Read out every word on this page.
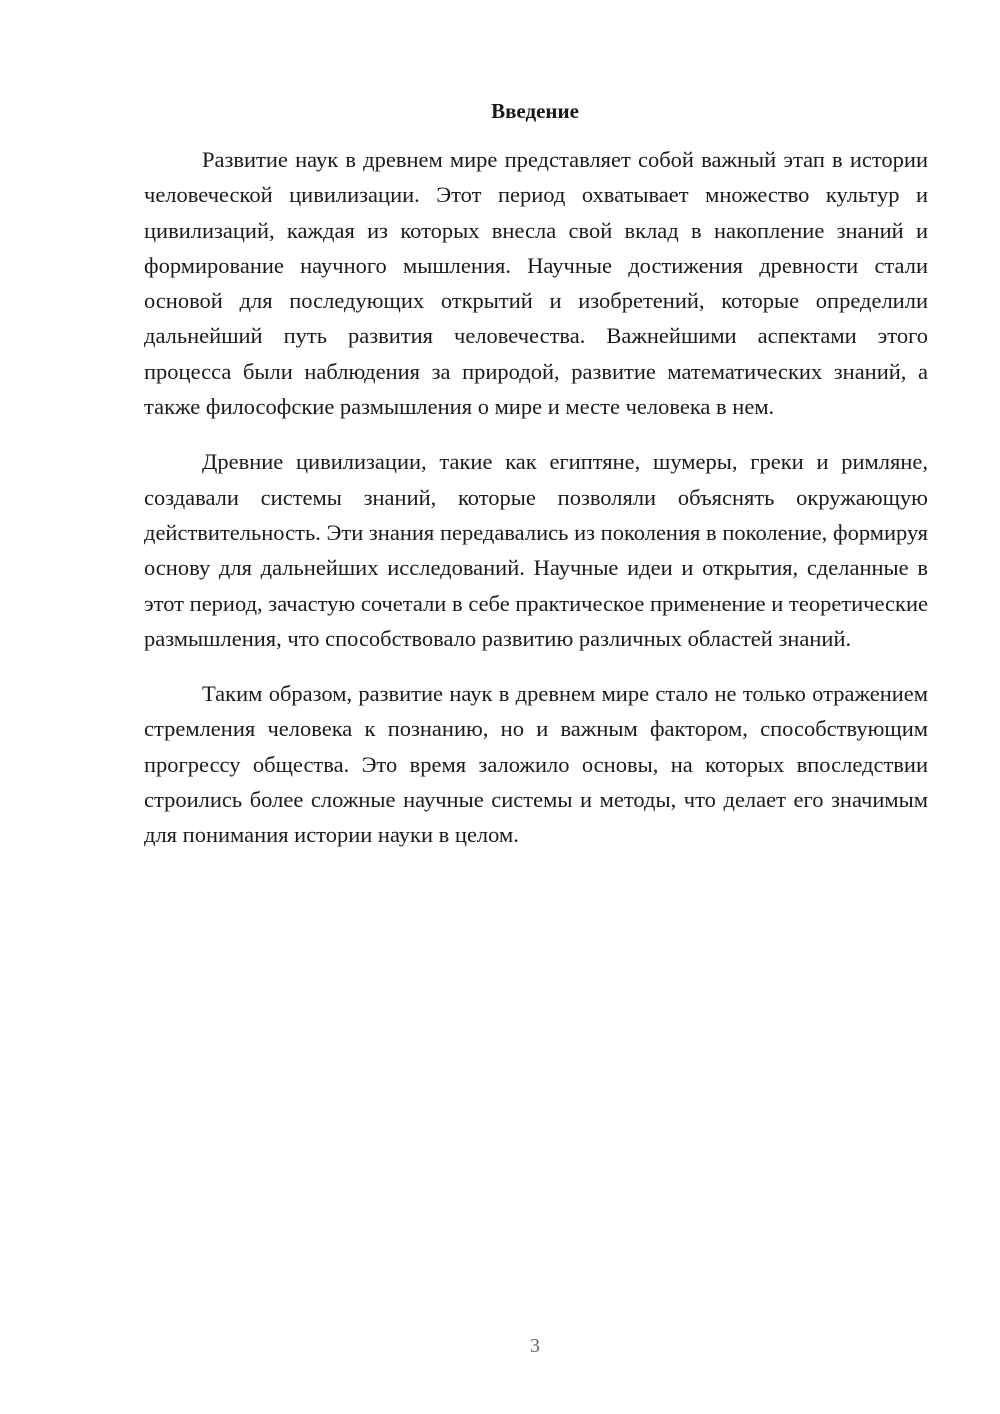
Введение

Развитие наук в древнем мире представляет собой важный этап в истории человеческой цивилизации. Этот период охватывает множество культур и цивилизаций, каждая из которых внесла свой вклад в накопление знаний и формирование научного мышления. Научные достижения древности стали основой для последующих открытий и изобретений, которые определили дальнейший путь развития человечества. Важнейшими аспектами этого процесса были наблюдения за природой, развитие математических знаний, а также философские размышления о мире и месте человека в нем.

Древние цивилизации, такие как египтяне, шумеры, греки и римляне, создавали системы знаний, которые позволяли объяснять окружающую действительность. Эти знания передавались из поколения в поколение, формируя основу для дальнейших исследований. Научные идеи и открытия, сделанные в этот период, зачастую сочетали в себе практическое применение и теоретические размышления, что способствовало развитию различных областей знаний.

Таким образом, развитие наук в древнем мире стало не только отражением стремления человека к познанию, но и важным фактором, способствующим прогрессу общества. Это время заложило основы, на которых впоследствии строились более сложные научные системы и методы, что делает его значимым для понимания истории науки в целом.

3
